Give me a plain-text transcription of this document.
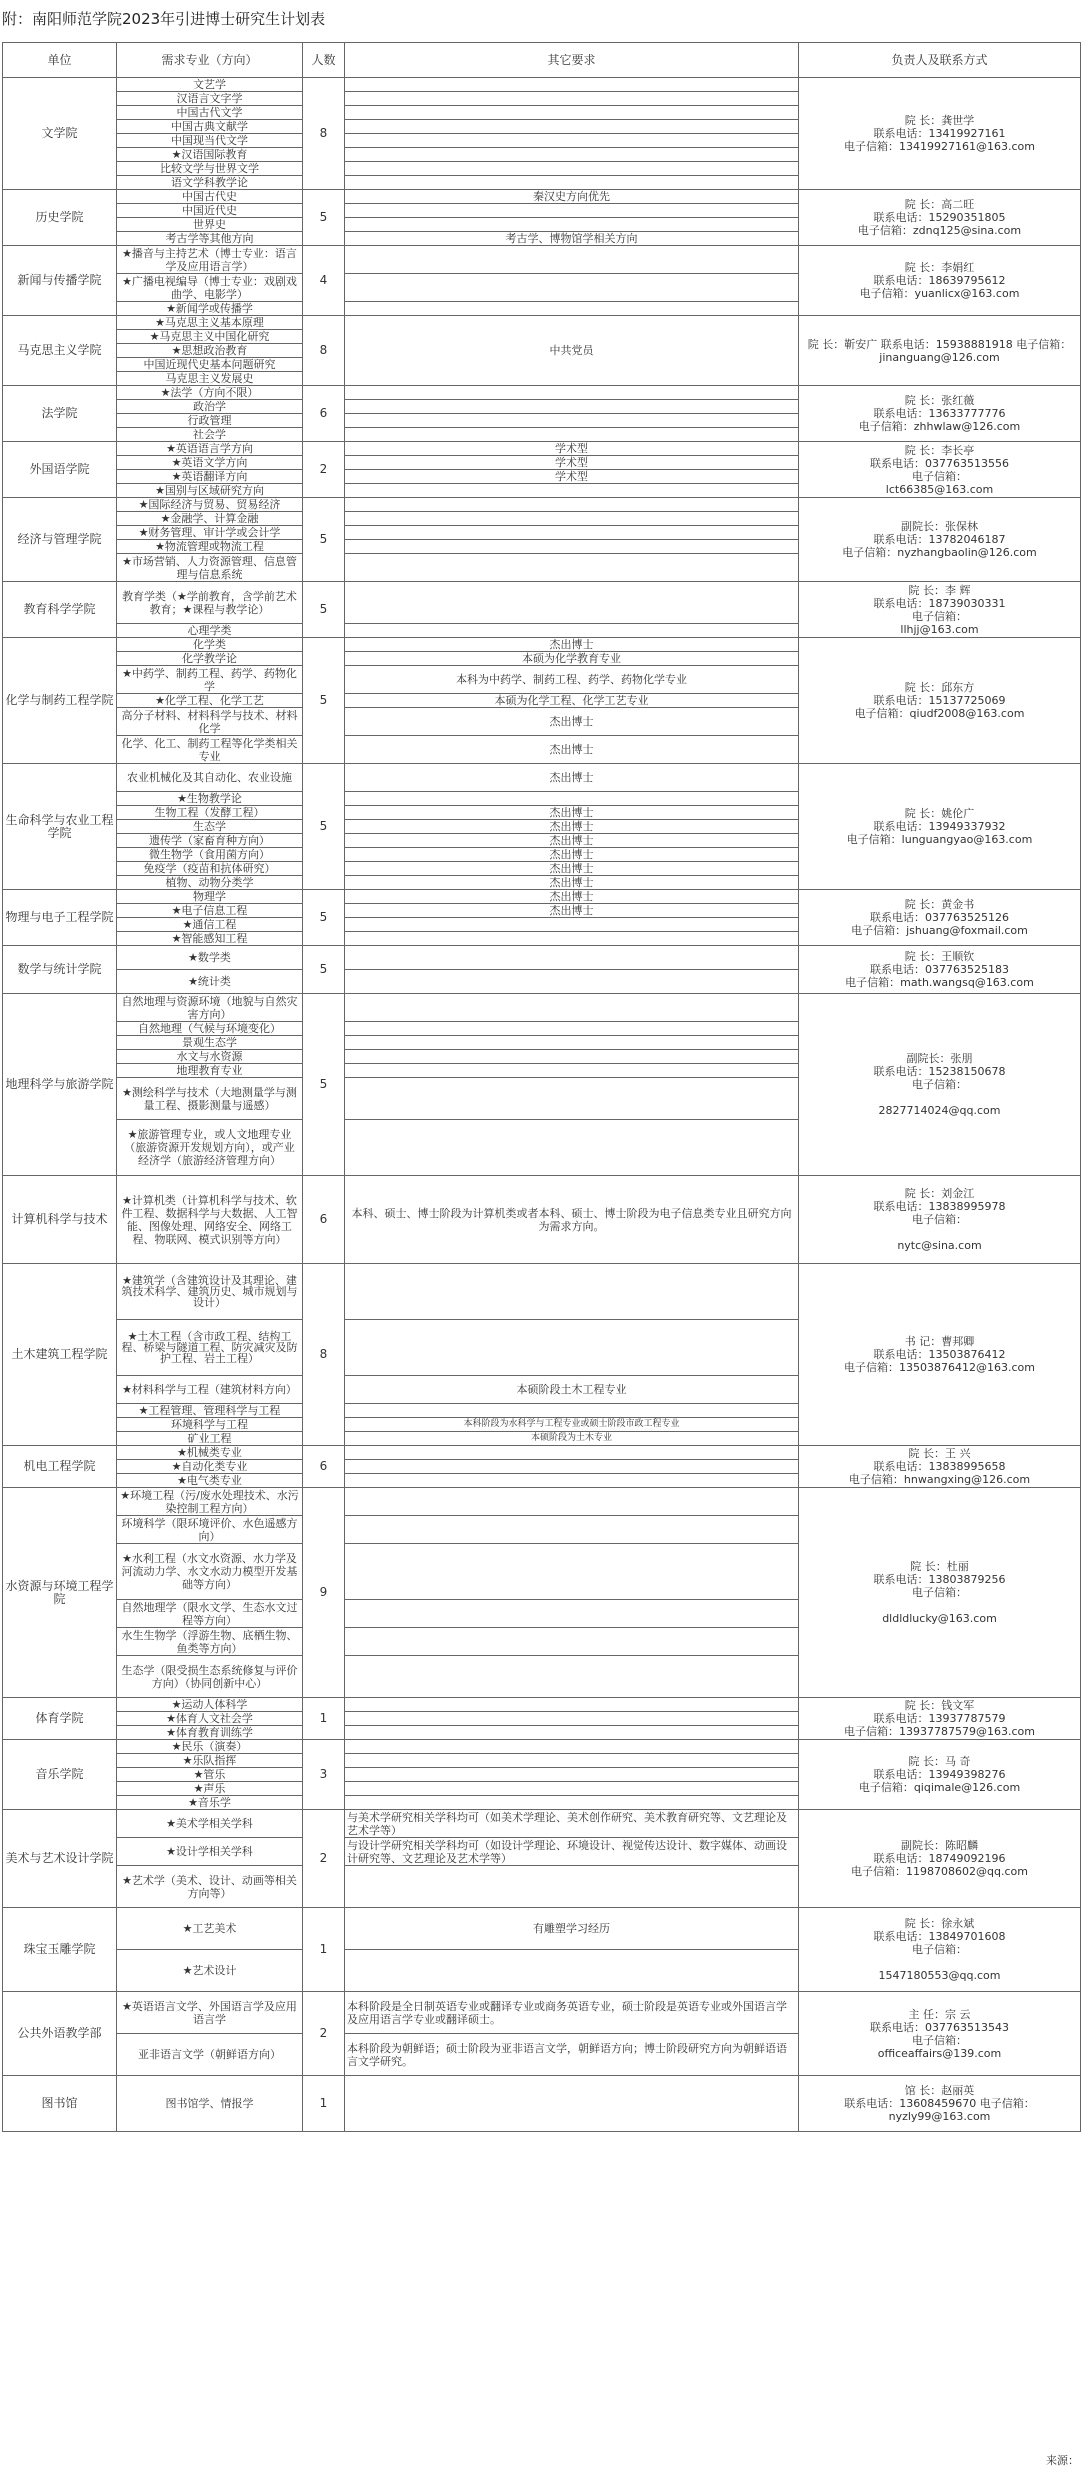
附：南阳师范学院2023年引进博士研究生计划表
单位	需求专业（方向）	人数	其它要求	负责人及联系方式
文学院	文艺学	8		院 长：龚世学
联系电话：13419927161
电子信箱：13419927161@163.com

	汉语言文字学			
	中国古代文学			
	中国古典文献学			
	中国现当代文学			
	★汉语国际教育			
	比较文学与世界文学			
	语文学科教学论			
历史学院	中国古代史	5	秦汉史方向优先	院 长：高二旺
联系电话：15290351805
电子信箱：zdnq125@sina.com

	中国近代史			
	世界史			
	考古学等其他方向		考古学、博物馆学相关方向	
新闻与传播学院	★播音与主持艺术（博士专业：语言学及应用语言学）	4		院 长：李娟红
联系电话：18639795612
电子信箱：yuanlicx@163.com

	★广播电视编导（博士专业：戏剧戏曲学、电影学）			
	★新闻学或传播学			
马克思主义学院	★马克思主义基本原理	8	中共党员	院 长：靳安广 联系电话：15938881918 电子信箱：
jinanguang@126.com

	★马克思主义中国化研究			
	★思想政治教育			
	中国近现代史基本问题研究			
	马克思主义发展史			
法学院	★法学（方向不限）	6		院 长：张红薇
联系电话：13633777776
电子信箱：zhhwlaw@126.com

	政治学			
	行政管理			
	社会学			
外国语学院	★英语语言学方向	2	学术型	院 长：李长亭
联系电话：037763513556
电子信箱：
lct66385@163.com

	★英语文学方向		学术型	
	★英语翻译方向		学术型	
	★国别与区域研究方向			
经济与管理学院	★国际经济与贸易、贸易经济	5		副院长：张保林
联系电话：13782046187
电子信箱：nyzhangbaolin@126.com

	★金融学、计算金融			
	★财务管理、审计学或会计学			
	★物流管理或物流工程			
	★市场营销、人力资源管理、信息管理与信息系统			
教育科学学院	教育学类（★学前教育，含学前艺术教育；★课程与教学论）	5		院 长：李 辉
联系电话：18739030331
电子信箱：
llhjj@163.com

	心理学类			
化学与制药工程学院	化学类	5	杰出博士	院 长：邱东方
联系电话：15137725069
电子信箱：qiudf2008@163.com

	化学教学论		本硕为化学教育专业	
	★中药学、制药工程、药学、药物化学		本科为中药学、制药工程、药学、药物化学专业	
	★化学工程、化学工艺		本硕为化学工程、化学工艺专业	
	高分子材料、材料科学与技术、材料化学		杰出博士	
	化学、化工、制药工程等化学类相关专业		杰出博士	
生命科学与农业工程学院	农业机械化及其自动化、农业设施	5	杰出博士	院 长：姚伦广
联系电话：13949337932
电子信箱：lunguangyao@163.com

	★生物教学论			
	生物工程（发酵工程）		杰出博士	
	生态学		杰出博士	
	遗传学（家畜育种方向）		杰出博士	
	微生物学（食用菌方向）		杰出博士	
	免疫学（疫苗和抗体研究）		杰出博士	
	植物、动物分类学		杰出博士	
物理与电子工程学院	物理学	5	杰出博士	院 长：黄金书
联系电话：037763525126
电子信箱：jshuang@foxmail.com

	★电子信息工程		杰出博士	
	★通信工程			
	★智能感知工程			
数学与统计学院	★数学类	5		院 长：王顺钦
联系电话：037763525183
电子信箱：math.wangsq@163.com

	★统计类			
地理科学与旅游学院	自然地理与资源环境（地貌与自然灾害方向）	5		副院长：张朋
联系电话：15238150678
电子信箱：

2827714024@qq.com

	自然地理（气候与环境变化）			
	景观生态学			
	水文与水资源			
	地理教育专业			
	★测绘科学与技术（大地测量学与测量工程、摄影测量与遥感）			
	★旅游管理专业，或人文地理专业（旅游资源开发规划方向），或产业经济学（旅游经济管理方向）			
计算机科学与技术	★计算机类（计算机科学与技术、软件工程、数据科学与大数据、人工智能、图像处理、网络安全、网络工程、物联网、模式识别等方向）	6	本科、硕士、博士阶段为计算机类或者本科、硕士、博士阶段为电子信息类专业且研究方向为需求方向。	院 长：刘金江
联系电话：13838995978
电子信箱：

nytc@sina.com

土木建筑工程学院	★建筑学（含建筑设计及其理论、建筑技术科学、建筑历史、城市规划与设计）	8		书 记：曹邦卿
联系电话：13503876412
电子信箱：13503876412@163.com

	★土木工程（含市政工程、结构工程、桥梁与隧道工程、防灾减灾及防护工程、岩土工程）			
	★材料科学与工程（建筑材料方向）		本硕阶段土木工程专业	
	★工程管理、管理科学与工程			
	环境科学与工程		本科阶段为水科学与工程专业或硕士阶段市政工程专业	
	矿业工程		本硕阶段为土木专业	
机电工程学院	★机械类专业	6		院 长：王 兴
联系电话：13838995658
电子信箱：hnwangxing@126.com

	★自动化类专业			
	★电气类专业			
水资源与环境工程学院	★环境工程（污/废水处理技术、水污染控制工程方向）	9		院 长：杜丽
联系电话：13803879256
电子信箱：

dldldlucky@163.com

	环境科学（限环境评价、水色遥感方向）			
	★水利工程（水文水资源、水力学及河流动力学、水文水动力模型开发基础等方向）			
	自然地理学（限水文学、生态水文过程等方向）			
	水生生物学（浮游生物、底栖生物、鱼类等方向）			
	生态学（限受损生态系统修复与评价方向）（协同创新中心）			
体育学院	★运动人体科学	1		院 长：钱文军
联系电话：13937787579
电子信箱：13937787579@163.com

	★体育人文社会学			
	★体育教育训练学			
音乐学院	★民乐（演奏）	3		院 长：马 奇
联系电话：13949398276
电子信箱：qiqimale@126.com

	★乐队指挥			
	★管乐			
	★声乐			
	★音乐学			
美术与艺术设计学院	★美术学相关学科	2	与美术学研究相关学科均可（如美术学理论、美术创作研究、美术教育研究等、文艺理论及艺术学等）	副院长：陈昭麟
联系电话：18749092196
电子信箱：1198708602@qq.com

	★设计学相关学科		与设计学研究相关学科均可（如设计学理论、环境设计、视觉传达设计、数字媒体、动画设计研究等、文艺理论及艺术学等）	
	★艺术学（美术、设计、动画等相关方向等）			
珠宝玉雕学院	★工艺美术	1	有雕塑学习经历	院 长：徐永斌
联系电话：13849701608
电子信箱：

1547180553@qq.com

	★艺术设计			
公共外语教学部	★英语语言文学、外国语言学及应用语言学	2	本科阶段是全日制英语专业或翻译专业或商务英语专业，硕士阶段是英语专业或外国语言学及应用语言学专业或翻译硕士。	主 任：宗 云
联系电话：037763513543
电子信箱：
officeaffairs@139.com

	亚非语言文学（朝鲜语方向）		本科阶段为朝鲜语；硕士阶段为亚非语言文学，朝鲜语方向；博士阶段研究方向为朝鲜语语言文学研究。	
图书馆	图书馆学、情报学	1		馆 长：赵丽英
联系电话：13608459670 电子信箱：
nyzly99@163.com
来源：
